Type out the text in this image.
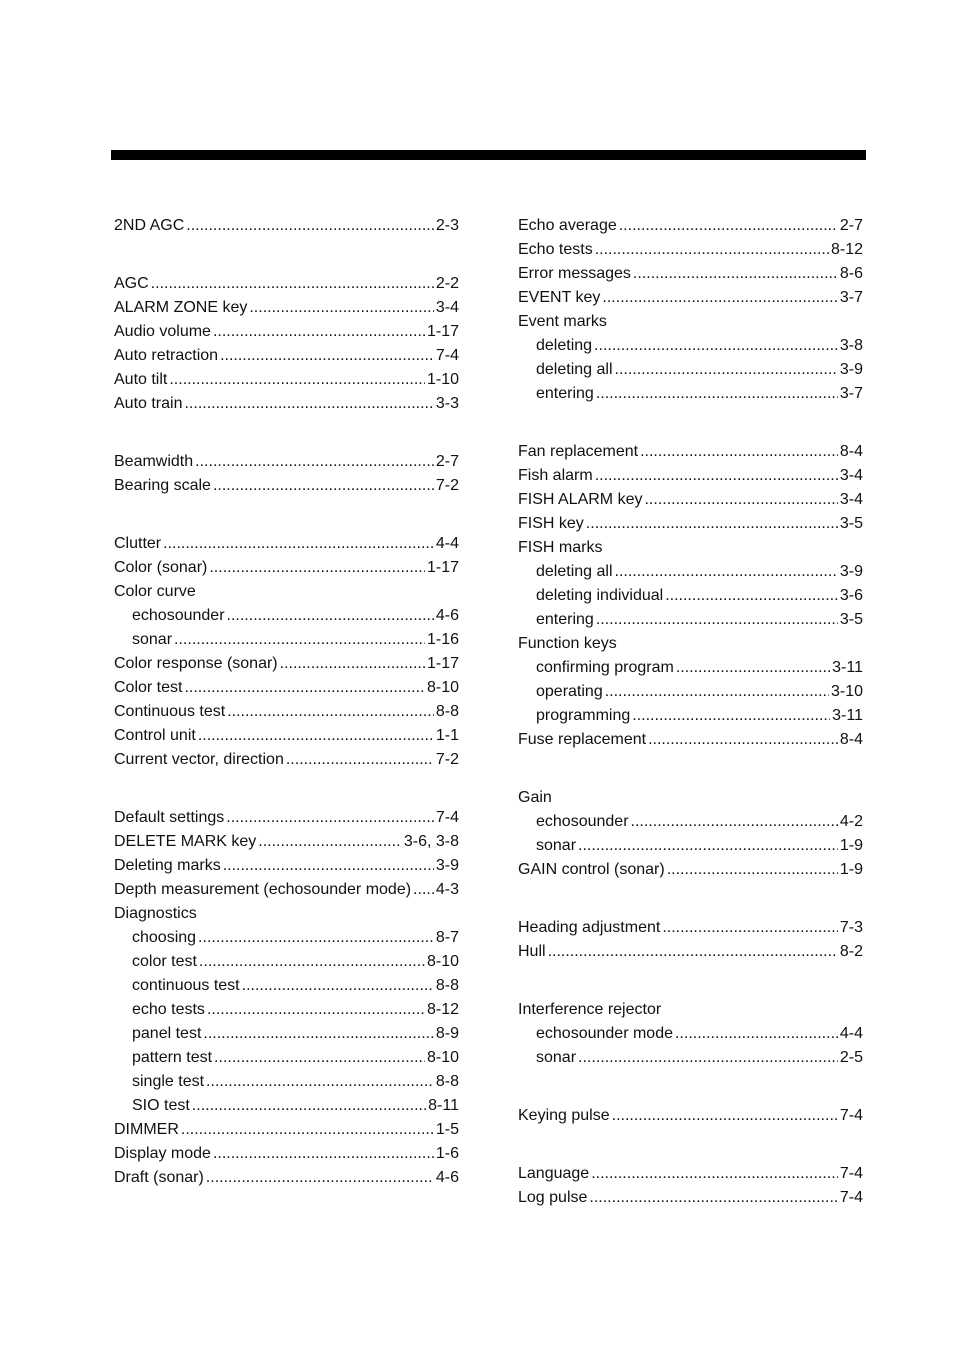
2ND AGC .....	2-3
AGC .....	2-2
ALARM ZONE key .....	3-4
Audio volume .....	1-17
Auto retraction .....	7-4
Auto tilt .....	1-10
Auto train .....	3-3
Beamwidth .....	2-7
Bearing scale .....	7-2
Clutter .....	4-4
Color (sonar) .....	1-17
Color curve
echosounder .....	4-6
sonar .....	1-16
Color response (sonar) .....	1-17
Color test .....	8-10
Continuous test .....	8-8
Control unit .....	1-1
Current vector, direction .....	7-2
Default settings .....	7-4
DELETE MARK key .....	3-6, 3-8
Deleting marks .....	3-9
Depth measurement (echosounder mode) ..... 4-3
Diagnostics
choosing .....	8-7
color test .....	8-10
continuous test .....	8-8
echo tests .....	8-12
panel test .....	8-9
pattern test .....	8-10
single test .....	8-8
SIO test .....	8-11
DIMMER .....	1-5
Display mode .....	1-6
Draft (sonar) .....	4-6
Echo average .....	2-7
Echo tests .....	8-12
Error messages .....	8-6
EVENT key .....	3-7
Event marks
deleting .....	3-8
deleting all .....	3-9
entering .....	3-7
Fan replacement .....	8-4
Fish alarm .....	3-4
FISH ALARM key .....	3-4
FISH key .....	3-5
FISH marks
deleting all .....	3-9
deleting individual .....	3-6
entering .....	3-5
Function keys
confirming program .....	3-11
operating .....	3-10
programming .....	3-11
Fuse replacement .....	8-4
Gain
echosounder .....	4-2
sonar .....	1-9
GAIN control (sonar) .....	1-9
Heading adjustment .....	7-3
Hull .....	8-2
Interference rejector
echosounder mode .....	4-4
sonar .....	2-5
Keying pulse .....	7-4
Language .....	7-4
Log pulse .....	7-4
